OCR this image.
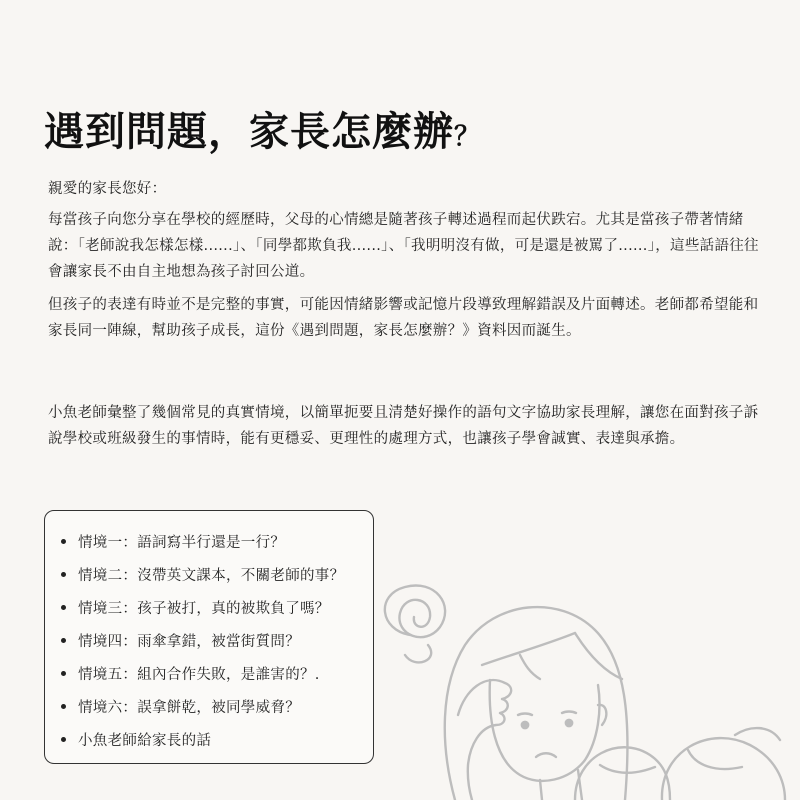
遇到問題，家長怎麼辦？

親愛的家長您好：

每當孩子向您分享在學校的經歷時，父母的心情總是隨著孩子轉述過程而起伏跌宕。尤其是當孩子帶著情緒說：「老師說我怎樣怎樣......」、「同學都欺負我......」、「我明明沒有做，可是還是被罵了......」，這些話語往往會讓家長不由自主地想為孩子討回公道。

但孩子的表達有時並不是完整的事實，可能因情緒影響或記憶片段導致理解錯誤及片面轉述。老師都希望能和家長同一陣線，幫助孩子成長，這份《遇到問題，家長怎麼辦？》資料因而誕生。

小魚老師彙整了幾個常見的真實情境，以簡單扼要且清楚好操作的語句文字協助家長理解，讓您在面對孩子訴說學校或班級發生的事情時，能有更穩妥、更理性的處理方式，也讓孩子學會誠實、表達與承擔。

情境一：語詞寫半行還是一行？
情境二：沒帶英文課本，不關老師的事？
情境三：孩子被打，真的被欺負了嗎？
情境四：雨傘拿錯，被當街質問？
情境五：組內合作失敗，是誰害的？.
情境六：誤拿餅乾，被同學威脅？
小魚老師給家長的話
